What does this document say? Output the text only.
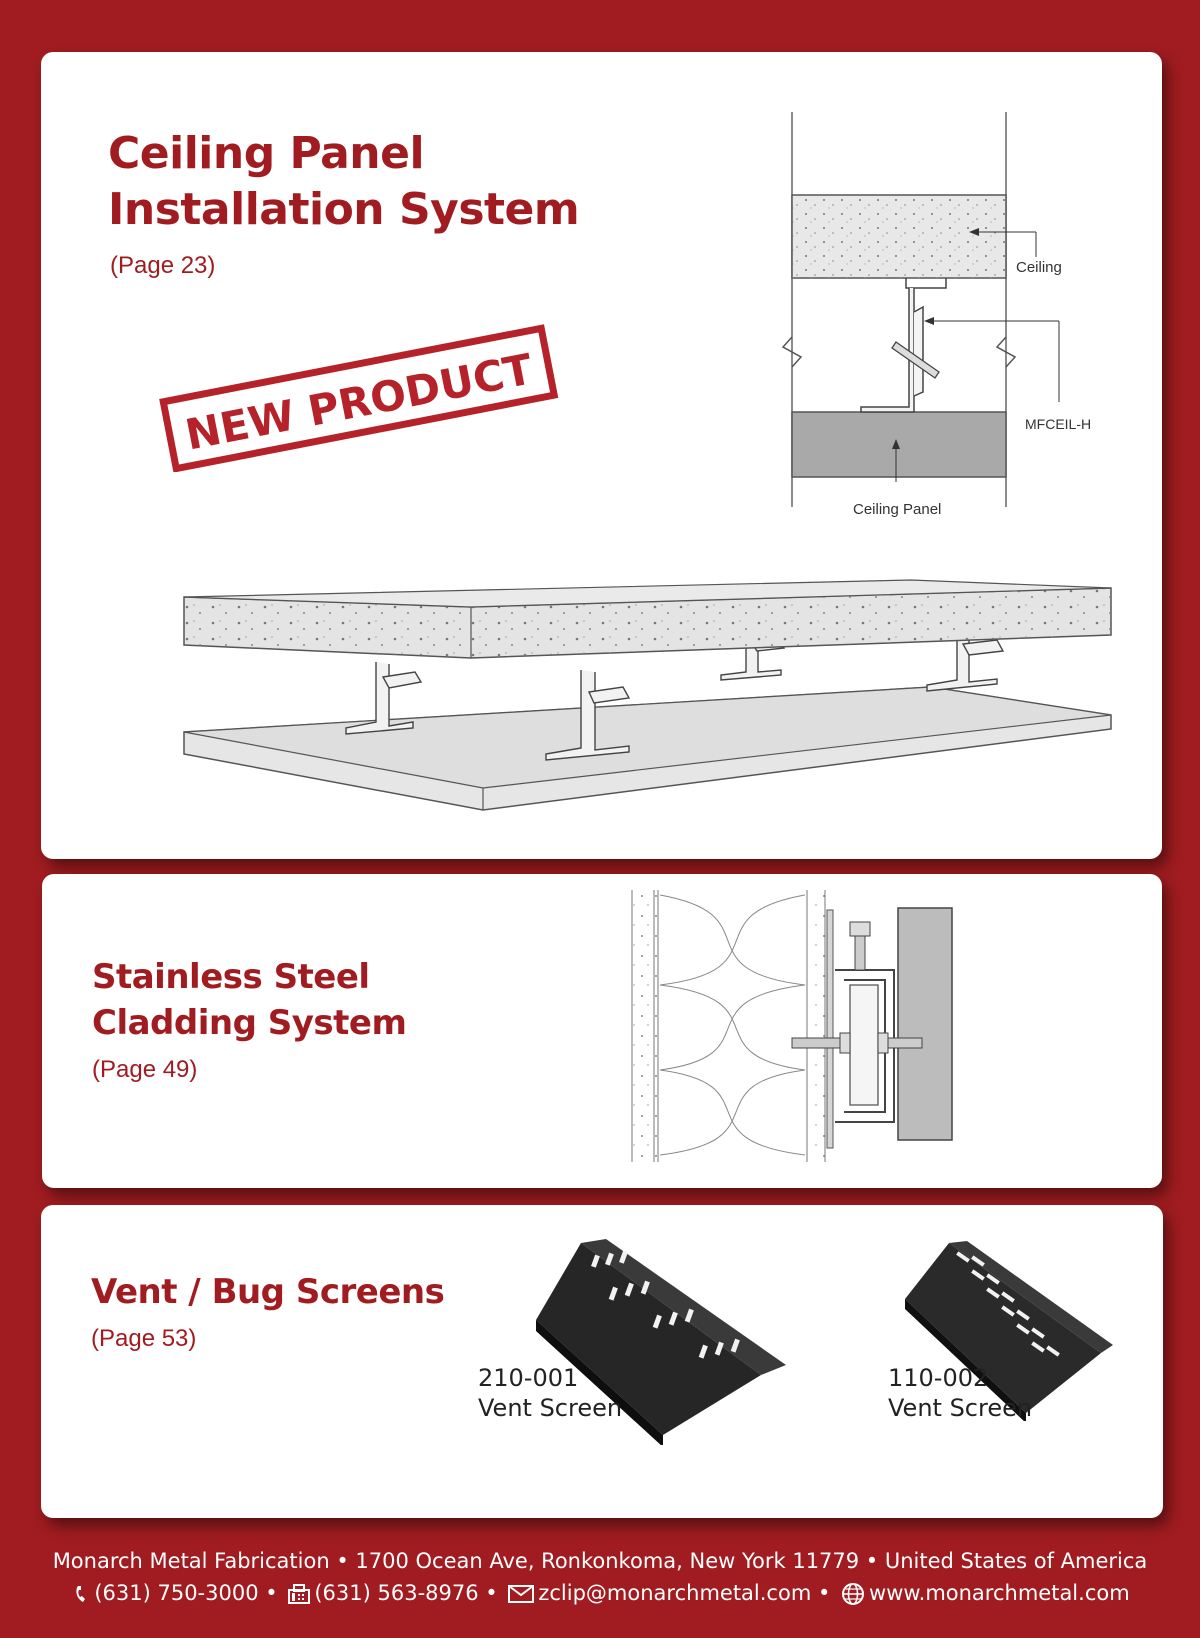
Ceiling Panel
Installation System
(Page 23)
NEW PRODUCT
Ceiling
MFCEIL-H
Ceiling Panel
Stainless Steel
Cladding System
(Page 49)
Vent / Bug Screens
(Page 53)
210-001
Vent Screen
110-002
Vent Screen
Monarch Metal Fabrication • 1700 Ocean Ave, Ronkonkoma, New York 11779 • United States of America
(631) 750-3000 • (631) 563-8976 • zclip@monarchmetal.com • www.monarchmetal.com
